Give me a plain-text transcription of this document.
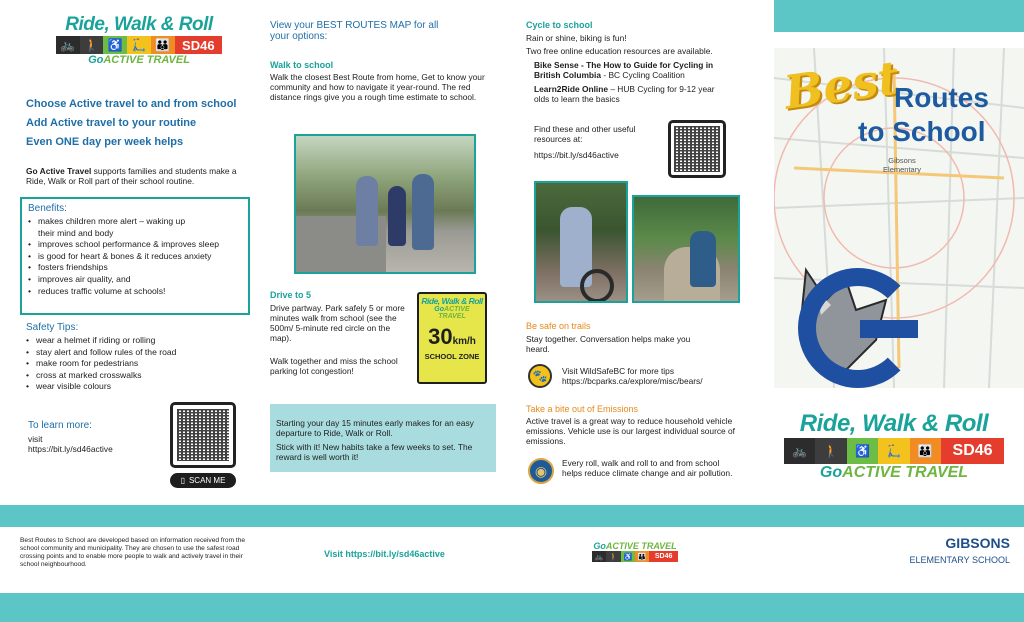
Ride, Walk & Roll
🚲 🚶 ♿ 🛴 👪 SD46
GoACTIVE TRAVEL
Choose Active travel to and from school
Add Active travel to your routine
Even ONE day per week helps
Go Active Travel supports families and students make a Ride, Walk or Roll part of their school routine.
Benefits:
• makes children more alert – waking up their mind and body
• improves school performance & improves sleep
• is good for heart & bones & it reduces anxiety
• fosters friendships
• improves air quality, and
• reduces traffic volume at schools!
Safety Tips:
• wear a helmet if riding or rolling
• stay alert and follow rules of the road
• make room for pedestrians
• cross at marked crosswalks
• wear visible colours
To learn more:
visit
https://bit.ly/sd46active
▯ SCAN ME
View your BEST ROUTES MAP for all your options:
Walk to school
Walk the closest Best Route from home, Get to know your community and how to navigate it year-round. The red distance rings give you a rough time estimate to school.
Drive to 5
Drive partway. Park safely 5 or more minutes walk from school (see the 500m/ 5-minute red circle on the map).
Walk together and miss the school parking lot congestion!
Ride, Walk & Roll
GoACTIVE TRAVEL
30km/h
SCHOOL ZONE
Starting your day 15 minutes early makes for an easy departure to Ride, Walk or Roll.
Stick with it! New habits take a few weeks to set. The reward is well worth it!
Cycle to school
Rain or shine, biking is fun!
Two free online education resources are available.
Bike Sense - The How to Guide for Cycling in British Columbia - BC Cycling Coalition
Learn2Ride Online – HUB Cycling for 9-12 year olds to learn the basics
Find these and other useful resources at:
https://bit.ly/sd46active
Be safe on trails
Stay together. Conversation helps make you heard.
🐾	Visit WildSafeBC for more tips https://bcparks.ca/explore/misc/bears/
Take a bite out of Emissions
Active travel is a great way to reduce household vehicle emissions. Vehicle use is our largest individual source of emissions.
◉	Every roll, walk and roll to and from school helps reduce climate change and air pollution.
Gibsons Elementary
Best
Routes
to School
Ride, Walk & Roll
🚲	🚶	♿	🛴	👪	SD46
GoACTIVE TRAVEL
Best Routes to School are developed based on information received from the school community and municipality. They are chosen to use the safest road crossing points and to enable more people to walk and actively travel in their school neighbourhood.
Visit https://bit.ly/sd46active
GoACTIVE TRAVEL
🚲 🚶 ♿ 👪	SD46
GIBSONS
ELEMENTARY SCHOOL
